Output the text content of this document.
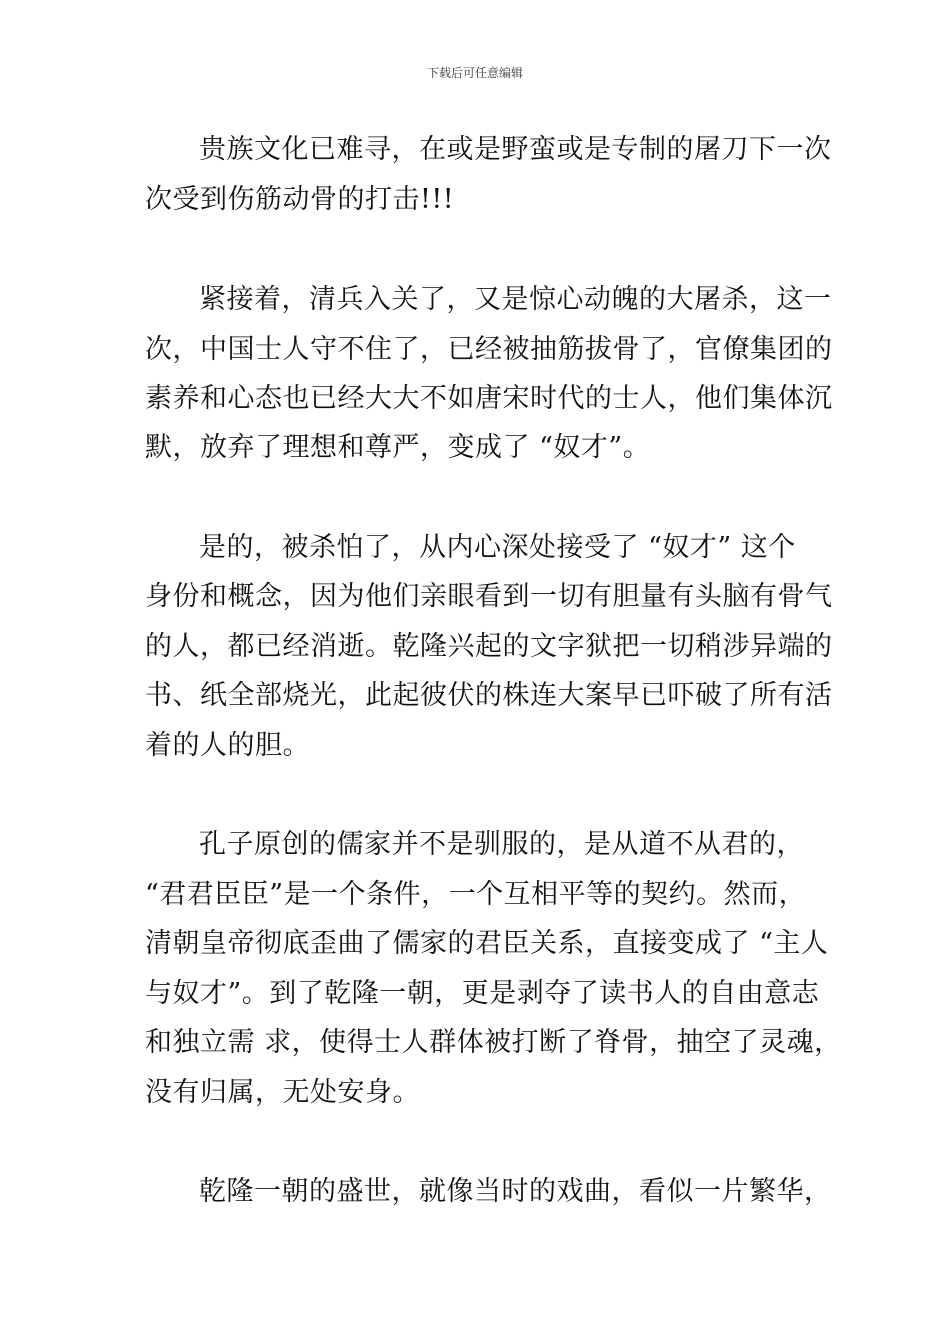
下载后可任意编辑
贵族文化已难寻，在或是野蛮或是专制的屠刀下一次
次受到伤筋动骨的打击!!!
紧接着，清兵入关了，又是惊心动魄的大屠杀，这一
次，中国士人守不住了，已经被抽筋拔骨了，官僚集团的
素养和心态也已经大大不如唐宋时代的士人，他们集体沉
默，放弃了理想和尊严，变成了 “奴才”。
是的，被杀怕了，从内心深处接受了 “奴才” 这个
身份和概念，因为他们亲眼看到一切有胆量有头脑有骨气
的人，都已经消逝。乾隆兴起的文字狱把一切稍涉异端的
书、纸全部烧光，此起彼伏的株连大案早已吓破了所有活
着的人的胆。
孔子原创的儒家并不是驯服的，是从道不从君的，
“君君臣臣”是一个条件，一个互相平等的契约。然而，
清朝皇帝彻底歪曲了儒家的君臣关系，直接变成了 “主人
与奴才”。到了乾隆一朝，更是剥夺了读书人的自由意志
和独立需 求，使得士人群体被打断了脊骨，抽空了灵魂，
没有归属，无处安身。
乾隆一朝的盛世，就像当时的戏曲，看似一片繁华，
